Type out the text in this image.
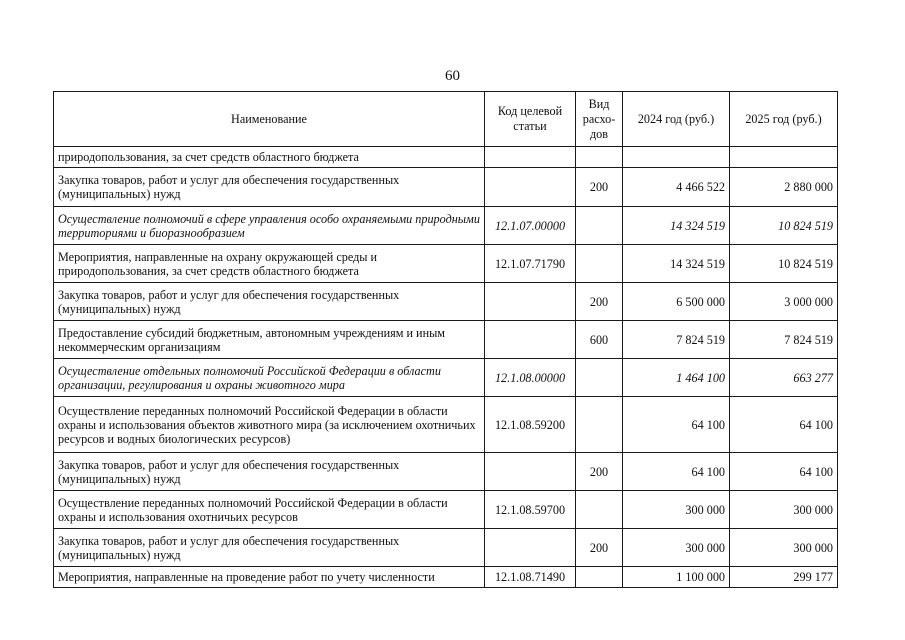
60
Наименование	Код целевой статьи	Вид расхо-дов	2024 год (руб.)	2025 год (руб.)
природопользования, за счет средств областного бюджета				
Закупка товаров, работ и услуг для обеспечения государственных (муниципальных) нужд		200	4 466 522	2 880 000
Осуществление полномочий в сфере управления особо охраняемыми природными территориями и биоразнообразием	12.1.07.00000		14 324 519	10 824 519
Мероприятия, направленные на охрану окружающей среды и природопользования, за счет средств областного бюджета	12.1.07.71790		14 324 519	10 824 519
Закупка товаров, работ и услуг для обеспечения государственных (муниципальных) нужд		200	6 500 000	3 000 000
Предоставление субсидий бюджетным, автономным учреждениям и иным некоммерческим организациям		600	7 824 519	7 824 519
Осуществление отдельных полномочий Российской Федерации в области организации, регулирования и охраны животного мира	12.1.08.00000		1 464 100	663 277
Осуществление переданных полномочий Российской Федерации в области охраны и использования объектов животного мира (за исключением охотничьих ресурсов и водных биологических ресурсов)	12.1.08.59200		64 100	64 100
Закупка товаров, работ и услуг для обеспечения государственных (муниципальных) нужд		200	64 100	64 100
Осуществление переданных полномочий Российской Федерации в области охраны и использования охотничьих ресурсов	12.1.08.59700		300 000	300 000
Закупка товаров, работ и услуг для обеспечения государственных (муниципальных) нужд		200	300 000	300 000
Мероприятия, направленные на проведение работ по учету численности	12.1.08.71490		1 100 000	299 177
